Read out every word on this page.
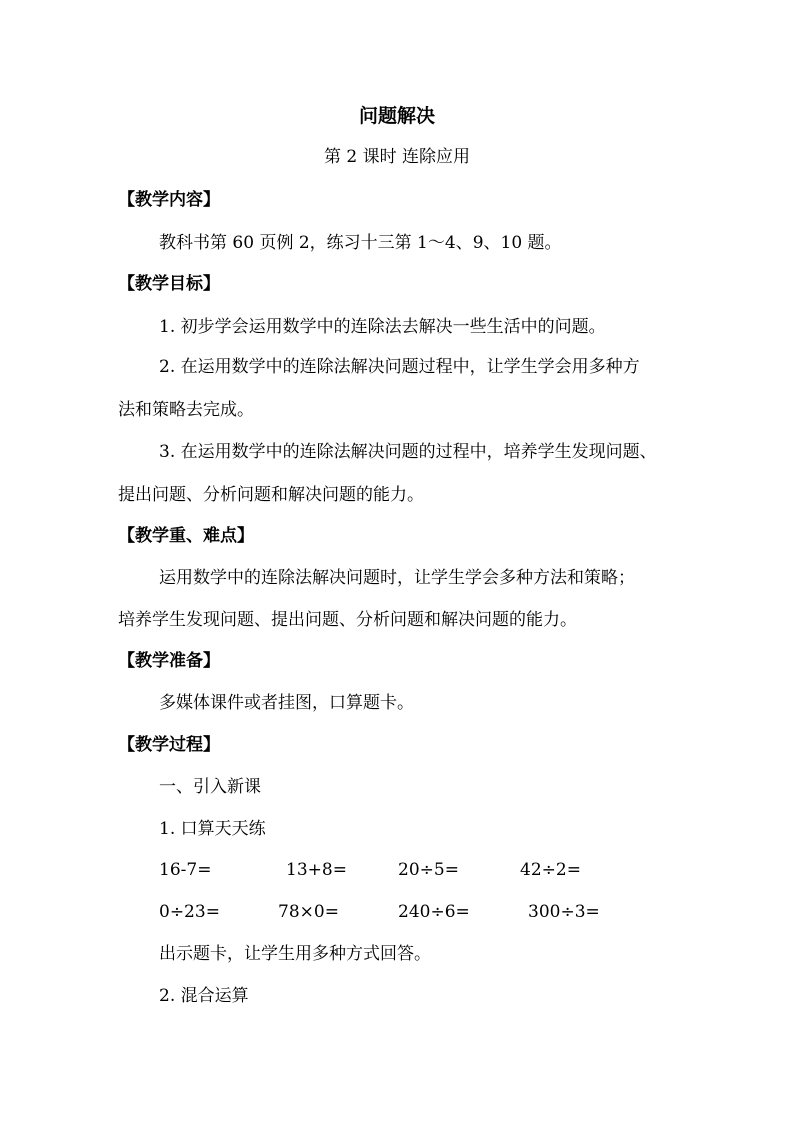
问题解决
第 2 课时 连除应用
【教学内容】
教科书第 60 页例 2，练习十三第 1～4、9、10 题。
【教学目标】
1. 初步学会运用数学中的连除法去解决一些生活中的问题。
2. 在运用数学中的连除法解决问题过程中，让学生学会用多种方
法和策略去完成。
3. 在运用数学中的连除法解决问题的过程中，培养学生发现问题、
提出问题、分析问题和解决问题的能力。
【教学重、难点】
运用数学中的连除法解决问题时，让学生学会多种方法和策略；
培养学生发现问题、提出问题、分析问题和解决问题的能力。
【教学准备】
多媒体课件或者挂图，口算题卡。
【教学过程】
一、引入新课
1. 口算天天练
16-7=	13+8=	20÷5=	42÷2=
0÷23=	78×0=	240÷6=	300÷3=
出示题卡，让学生用多种方式回答。
2. 混合运算
